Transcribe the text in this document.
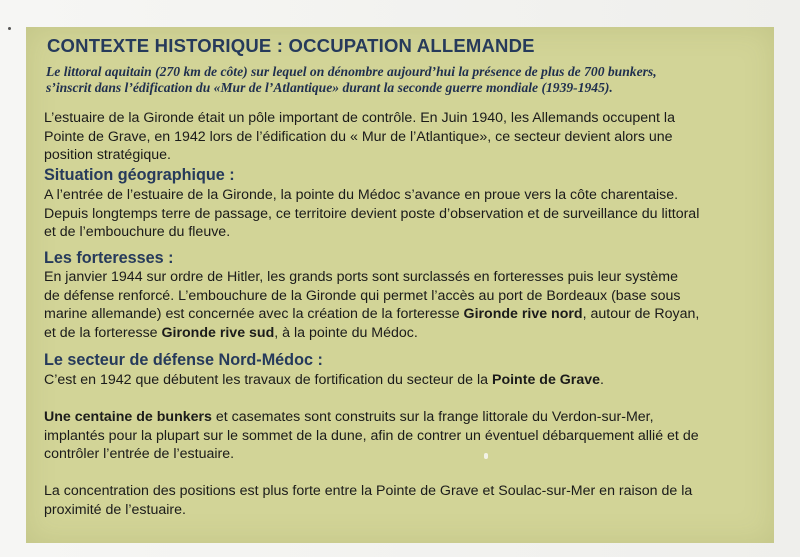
CONTEXTE HISTORIQUE : OCCUPATION ALLEMANDE

Le littoral aquitain (270 km de côte) sur lequel on dénombre aujourd’hui la présence de plus de 700 bunkers,

s’inscrit dans l’édification du «Mur de l’Atlantique» durant la seconde guerre mondiale (1939-1945).

L’estuaire de la Gironde était un pôle important de contrôle. En Juin 1940, les Allemands occupent la

Pointe de Grave, en 1942 lors de l’édification du « Mur de l’Atlantique», ce secteur devient alors une

position stratégique.

Situation géographique :

A l’entrée de l’estuaire de la Gironde, la pointe du Médoc s’avance en proue vers la côte charentaise.

Depuis longtemps terre de passage, ce territoire devient poste d’observation et de surveillance du littoral

et de l’embouchure du fleuve.

Les forteresses :

En janvier 1944 sur ordre de Hitler, les grands ports sont surclassés en forteresses puis leur système

de défense renforcé. L’embouchure de la Gironde qui permet l’accès au port de Bordeaux (base sous

marine allemande) est concernée avec la création de la forteresse Gironde rive nord, autour de Royan,

et de la forteresse Gironde rive sud, à la pointe du Médoc.

Le secteur de défense Nord-Médoc :

C’est en 1942 que débutent les travaux de fortification du secteur de la Pointe de Grave.

Une centaine de bunkers et casemates sont construits sur la frange littorale du Verdon-sur-Mer,

implantés pour la plupart sur le sommet de la dune, afin de contrer un éventuel débarquement allié et de

contrôler l’entrée de l’estuaire.

La concentration des positions est plus forte entre la Pointe de Grave et Soulac-sur-Mer en raison de la

proximité de l’estuaire.
